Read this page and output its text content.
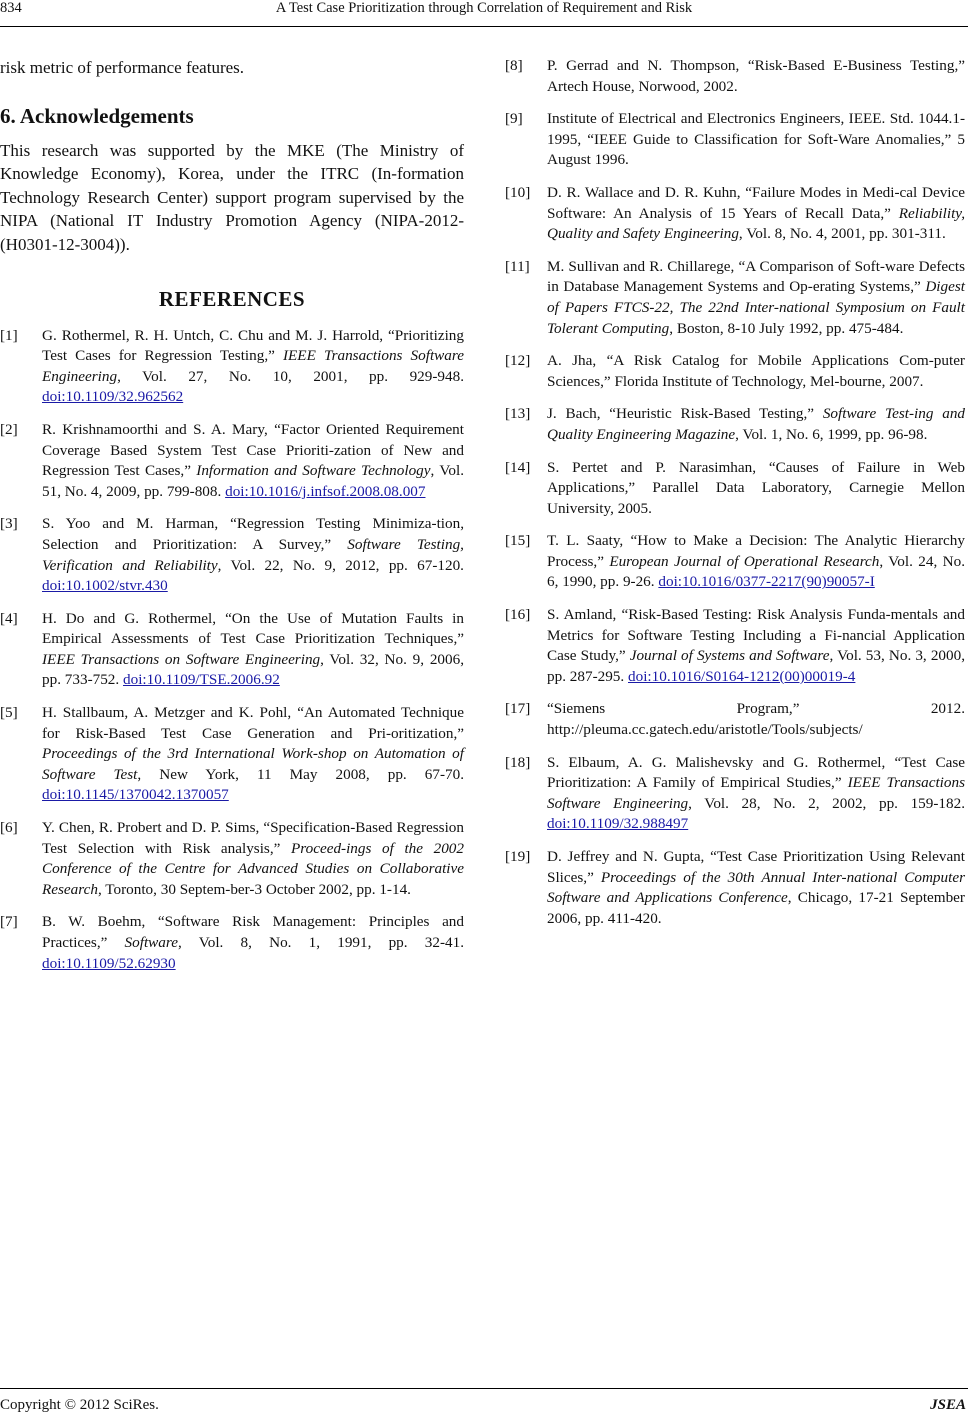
834	A Test Case Prioritization through Correlation of Requirement and Risk

risk metric of performance features.

6. Acknowledgements

This research was supported by the MKE (The Ministry of Knowledge Economy), Korea, under the ITRC (In-formation Technology Research Center) support program supervised by the NIPA (National IT Industry Promotion Agency (NIPA-2012-(H0301-12-3004)).

REFERENCES
[1] G. Rothermel, R. H. Untch, C. Chu and M. J. Harrold, “Prioritizing Test Cases for Regression Testing,” IEEE Transactions Software Engineering, Vol. 27, No. 10, 2001, pp. 929-948. doi:10.1109/32.962562
[2] R. Krishnamoorthi and S. A. Mary, “Factor Oriented Requirement Coverage Based System Test Case Prioriti-zation of New and Regression Test Cases,” Information and Software Technology, Vol. 51, No. 4, 2009, pp. 799-808. doi:10.1016/j.infsof.2008.08.007
[3] S. Yoo and M. Harman, “Regression Testing Minimiza-tion, Selection and Prioritization: A Survey,” Software Testing, Verification and Reliability, Vol. 22, No. 9, 2012, pp. 67-120. doi:10.1002/stvr.430
[4] H. Do and G. Rothermel, “On the Use of Mutation Faults in Empirical Assessments of Test Case Prioritization Techniques,” IEEE Transactions on Software Engineering, Vol. 32, No. 9, 2006, pp. 733-752. doi:10.1109/TSE.2006.92
[5] H. Stallbaum, A. Metzger and K. Pohl, “An Automated Technique for Risk-Based Test Case Generation and Pri-oritization,” Proceedings of the 3rd International Work-shop on Automation of Software Test, New York, 11 May 2008, pp. 67-70. doi:10.1145/1370042.1370057
[6] Y. Chen, R. Probert and D. P. Sims, “Specification-Based Regression Test Selection with Risk analysis,” Proceed-ings of the 2002 Conference of the Centre for Advanced Studies on Collaborative Research, Toronto, 30 Septem-ber-3 October 2002, pp. 1-14.
[7] B. W. Boehm, “Software Risk Management: Principles and Practices,” Software, Vol. 8, No. 1, 1991, pp. 32-41. doi:10.1109/52.62930
[8] P. Gerrad and N. Thompson, “Risk-Based E-Business Testing,” Artech House, Norwood, 2002.
[9] Institute of Electrical and Electronics Engineers, IEEE. Std. 1044.1-1995, “IEEE Guide to Classification for Soft-Ware Anomalies,” 5 August 1996.
[10] D. R. Wallace and D. R. Kuhn, “Failure Modes in Medi-cal Device Software: An Analysis of 15 Years of Recall Data,” Reliability, Quality and Safety Engineering, Vol. 8, No. 4, 2001, pp. 301-311.
[11] M. Sullivan and R. Chillarege, “A Comparison of Soft-ware Defects in Database Management Systems and Op-erating Systems,” Digest of Papers FTCS-22, The 22nd Inter-national Symposium on Fault Tolerant Computing, Boston, 8-10 July 1992, pp. 475-484.
[12] A. Jha, “A Risk Catalog for Mobile Applications Com-puter Sciences,” Florida Institute of Technology, Mel-bourne, 2007.
[13] J. Bach, “Heuristic Risk-Based Testing,” Software Test-ing and Quality Engineering Magazine, Vol. 1, No. 6, 1999, pp. 96-98.
[14] S. Pertet and P. Narasimhan, “Causes of Failure in Web Applications,” Parallel Data Laboratory, Carnegie Mellon University, 2005.
[15] T. L. Saaty, “How to Make a Decision: The Analytic Hierarchy Process,” European Journal of Operational Research, Vol. 24, No. 6, 1990, pp. 9-26. doi:10.1016/0377-2217(90)90057-I
[16] S. Amland, “Risk-Based Testing: Risk Analysis Funda-mentals and Metrics for Software Testing Including a Fi-nancial Application Case Study,” Journal of Systems and Software, Vol. 53, No. 3, 2000, pp. 287-295. doi:10.1016/S0164-1212(00)00019-4
[17] “Siemens Program,” 2012. http://pleuma.cc.gatech.edu/aristotle/Tools/subjects/
[18] S. Elbaum, A. G. Malishevsky and G. Rothermel, “Test Case Prioritization: A Family of Empirical Studies,” IEEE Transactions Software Engineering, Vol. 28, No. 2, 2002, pp. 159-182. doi:10.1109/32.988497
[19] D. Jeffrey and N. Gupta, “Test Case Prioritization Using Relevant Slices,” Proceedings of the 30th Annual Inter-national Computer Software and Applications Conference, Chicago, 17-21 September 2006, pp. 411-420.
Copyright © 2012 SciRes.	JSEA
